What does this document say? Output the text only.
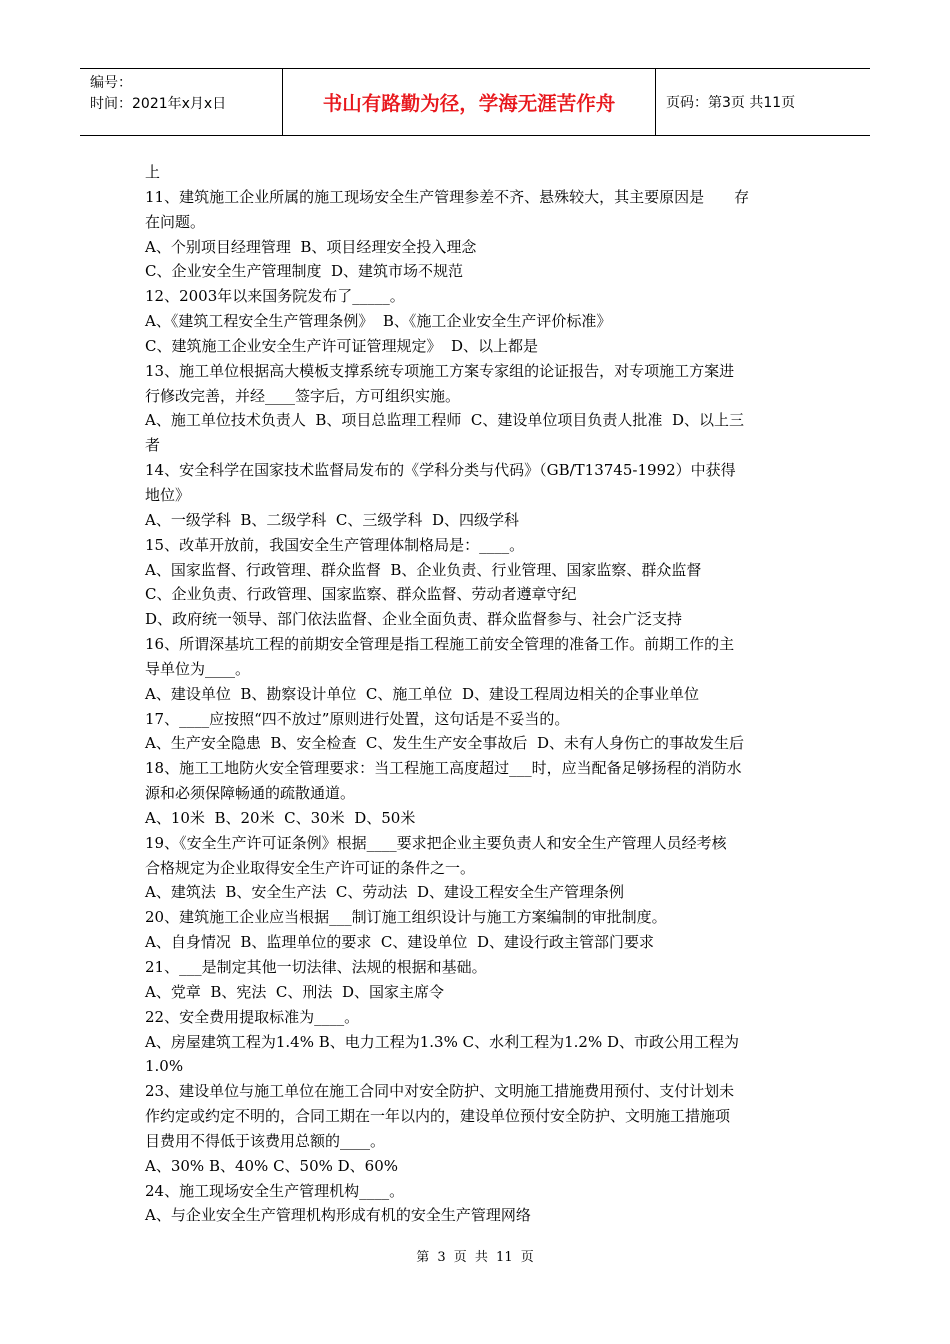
编号：
时间：2021年x月x日	书山有路勤为径，学海无涯苦作舟	页码：第3页 共11页

上

11、建筑施工企业所属的施工现场安全生产管理参差不齐、悬殊较大，其主要原因是　　存

在问题。

A、个别项目经理管理  B、项目经理安全投入理念

C、企业安全生产管理制度  D、建筑市场不规范

12、2003年以来国务院发布了_____。

A、《建筑工程安全生产管理条例》  B、《施工企业安全生产评价标准》

C、建筑施工企业安全生产许可证管理规定》  D、以上都是

13、施工单位根据高大模板支撑系统专项施工方案专家组的论证报告，对专项施工方案进

行修改完善，并经____签字后，方可组织实施。

A、施工单位技术负责人  B、项目总监理工程师  C、建设单位项目负责人批准  D、以上三

者

14、安全科学在国家技术监督局发布的《学科分类与代码》（GB/T13745-1992）中获得

地位》

A、一级学科  B、二级学科  C、三级学科  D、四级学科

15、改革开放前，我国安全生产管理体制格局是：____。

A、国家监督、行政管理、群众监督  B、企业负责、行业管理、国家监察、群众监督

C、企业负责、行政管理、国家监察、群众监督、劳动者遵章守纪

D、政府统一领导、部门依法监督、企业全面负责、群众监督参与、社会广泛支持

16、所谓深基坑工程的前期安全管理是指工程施工前安全管理的准备工作。前期工作的主

导单位为____。

A、建设单位  B、勘察设计单位  C、施工单位  D、建设工程周边相关的企事业单位

17、____应按照“四不放过”原则进行处置，这句话是不妥当的。

A、生产安全隐患  B、安全检查  C、发生生产安全事故后  D、未有人身伤亡的事故发生后

18、施工工地防火安全管理要求：当工程施工高度超过___时，应当配备足够扬程的消防水

源和必须保障畅通的疏散通道。

A、10米  B、20米  C、30米  D、50米

19、《安全生产许可证条例》根据____要求把企业主要负责人和安全生产管理人员经考核

合格规定为企业取得安全生产许可证的条件之一。

A、建筑法  B、安全生产法  C、劳动法  D、建设工程安全生产管理条例

20、建筑施工企业应当根据___制订施工组织设计与施工方案编制的审批制度。

A、自身情况  B、监理单位的要求  C、建设单位  D、建设行政主管部门要求

21、___是制定其他一切法律、法规的根据和基础。

A、党章  B、宪法  C、刑法  D、国家主席令

22、安全费用提取标准为____。

A、房屋建筑工程为1.4% B、电力工程为1.3% C、水利工程为1.2% D、市政公用工程为

1.0%

23、建设单位与施工单位在施工合同中对安全防护、文明施工措施费用预付、支付计划未

作约定或约定不明的，合同工期在一年以内的，建设单位预付安全防护、文明施工措施项

目费用不得低于该费用总额的____。

A、30% B、40% C、50% D、60%

24、施工现场安全生产管理机构____。

A、与企业安全生产管理机构形成有机的安全生产管理网络

第 3 页 共 11 页
